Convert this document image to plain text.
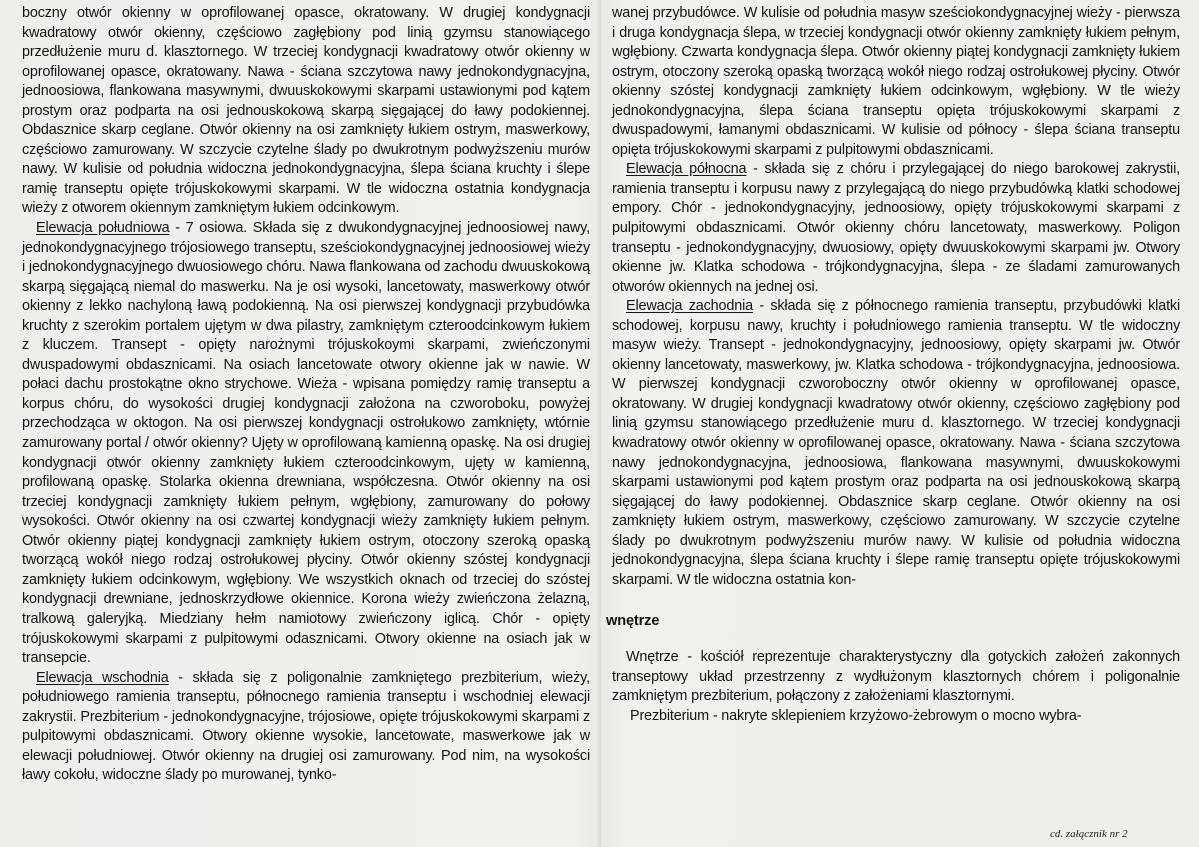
boczny otwór okienny w oprofilowanej opasce, okratowany. W drugiej kondygnacji kwadratowy otwór okienny, częściowo zagłębiony pod linią gzymsu stanowiącego przedłużenie muru d. klasztornego. W trzeciej kondygnacji kwadratowy otwór okienny w oprofilowanej opasce, okratowany. Nawa - ściana szczytowa nawy jednokondygnacyjna, jednoosiowa, flankowana masywnymi, dwuuskokowymi skarpami ustawionymi pod kątem prostym oraz podparta na osi jednouskokową skarpą sięgającej do ławy podokiennej. Obdasznice skarp ceglane. Otwór okienny na osi zamknięty łukiem ostrym, maswerkowy, częściowo zamurowany. W szczycie czytelne ślady po dwukrotnym podwyższeniu murów nawy. W kulisie od południa widoczna jednokondygnacyjna, ślepa ściana kruchty i ślepe ramię transeptu opięte trójuskokowymi skarpami. W tle widoczna ostatnia kondygnacja wieży z otworem okiennym zamkniętym łukiem odcinkowym.

Elewacja południowa - 7 osiowa. Składa się z dwukondygnacyjnej jednoosiowej nawy, jednokondygnacyjnego trójosiowego transeptu, sześciokondygnacyjnej jednoosiowej wieży i jednokondygnacyjnego dwuosiowego chóru. Nawa flankowana od zachodu dwuuskokową skarpą sięgającą niemal do maswerku. Na je osi wysoki, lancetowaty, maswerkowy otwór okienny z lekko nachyloną ławą podokienną. Na osi pierwszej kondygnacji przybudówka kruchty z szerokim portalem ujętym w dwa pilastry, zamkniętym czteroodcinkowym łukiem z kluczem. Transept - opięty narożnymi trójuskokoymi skarpami, zwieńczonymi dwuspadowymi obdasznicami. Na osiach lancetowate otwory okienne jak w nawie. W połaci dachu prostokątne okno strychowe. Wieża - wpisana pomiędzy ramię transeptu a korpus chóru, do wysokości drugiej kondygnacji założona na czworoboku, powyżej przechodząca w oktogon. Na osi pierwszej kondygnacji ostrołukowo zamknięty, wtórnie zamurowany portal / otwór okienny? Ujęty w oprofilowaną kamienną opaskę. Na osi drugiej kondygnacji otwór okienny zamknięty łukiem czteroodcinkowym, ujęty w kamienną, profilowaną opaskę. Stolarka okienna drewniana, współczesna. Otwór okienny na osi trzeciej kondygnacji zamknięty łukiem pełnym, wgłębiony, zamurowany do połowy wysokości. Otwór okienny na osi czwartej kondygnacji wieży zamknięty łukiem pełnym. Otwór okienny piątej kondygnacji zamknięty łukiem ostrym, otoczony szeroką opaską tworzącą wokół niego rodzaj ostrołukowej płyciny. Otwór okienny szóstej kondygnacji zamknięty łukiem odcinkowym, wgłębiony. We wszystkich oknach od trzeciej do szóstej kondygnacji drewniane, jednoskrzydłowe okiennice. Korona wieży zwieńczona żelazną, tralkową galeryjką. Miedziany hełm namiotowy zwieńczony iglicą. Chór - opięty trójuskokowymi skarpami z pulpitowymi odasznicami. Otwory okienne na osiach jak w transepcie.

Elewacja wschodnia - składa się z poligonalnie zamkniętego prezbiterium, wieży, południowego ramienia transeptu, północnego ramienia transeptu i wschodniej elewacji zakrystii. Prezbiterium - jednokondygnacyjne, trójosiowe, opięte trójuskokowymi skarpami z pulpitowymi obdasznicami. Otwory okienne wysokie, lancetowate, maswerkowe jak w elewacji południowej. Otwór okienny na drugiej osi zamurowany. Pod nim, na wysokości ławy cokołu, widoczne ślady po murowanej, tynko-

wanej przybudówce. W kulisie od południa masyw sześciokondygnacyjnej wieży - pierwsza i druga kondygnacja ślepa, w trzeciej kondygnacji otwór okienny zamknięty łukiem pełnym, wgłębiony. Czwarta kondygnacja ślepa. Otwór okienny piątej kondygnacji zamknięty łukiem ostrym, otoczony szeroką opaską tworzącą wokół niego rodzaj ostrołukowej płyciny. Otwór okienny szóstej kondygnacji zamknięty łukiem odcinkowym, wgłębiony. W tle wieży jednokondygnacyjna, ślepa ściana transeptu opięta trójuskokowymi skarpami z dwuspadowymi, łamanymi obdasznicami. W kulisie od północy - ślepa ściana transeptu opięta trójuskokowymi skarpami z pulpitowymi obdasznicami.

Elewacja północna - składa się z chóru i przylegającej do niego barokowej zakrystii, ramienia transeptu i korpusu nawy z przylegającą do niego przybudówką klatki schodowej empory. Chór - jednokondygnacyjny, jednoosiowy, opięty trójuskokowymi skarpami z pulpitowymi obdasznicami. Otwór okienny chóru lancetowaty, maswerkowy. Poligon transeptu - jednokondygnacyjny, dwuosiowy, opięty dwuuskokowymi skarpami jw. Otwory okienne jw. Klatka schodowa - trójkondygnacyjna, ślepa - ze śladami zamurowanych otworów okiennych na jednej osi.

Elewacja zachodnia - składa się z północnego ramienia transeptu, przybudówki klatki schodowej, korpusu nawy, kruchty i południowego ramienia transeptu. W tle widoczny masyw wieży. Transept - jednokondygnacyjny, jednoosiowy, opięty skarpami jw. Otwór okienny lancetowaty, maswerkowy, jw. Klatka schodowa - trójkondygnacyjna, jednoosiowa. W pierwszej kondygnacji czworoboczny otwór okienny w oprofilowanej opasce, okratowany. W drugiej kondygnacji kwadratowy otwór okienny, częściowo zagłębiony pod linią gzymsu stanowiącego przedłużenie muru d. klasztornego. W trzeciej kondygnacji kwadratowy otwór okienny w oprofilowanej opasce, okratowany. Nawa - ściana szczytowa nawy jednokondygnacyjna, jednoosiowa, flankowana masywnymi, dwuuskokowymi skarpami ustawionymi pod kątem prostym oraz podparta na osi jednouskokową skarpą sięgającej do ławy podokiennej. Obdasznice skarp ceglane. Otwór okienny na osi zamknięty łukiem ostrym, maswerkowy, częściowo zamurowany. W szczycie czytelne ślady po dwukrotnym podwyższeniu murów nawy. W kulisie od południa widoczna jednokondygnacyjna, ślepa ściana kruchty i ślepe ramię transeptu opięte trójuskokowymi skarpami. W tle widoczna ostatnia kon-

wnętrze

Wnętrze - kościół reprezentuje charakterystyczny dla gotyckich założeń zakonnych transeptowy układ przestrzenny z wydłużonym klasztornych chórem i poligonalnie zamkniętym prezbiterium, połączony z założeniami klasztornymi.

Prezbiterium - nakryte sklepieniem krzyżowo-żebrowym o mocno wybra-

cd. załącznik nr 2
